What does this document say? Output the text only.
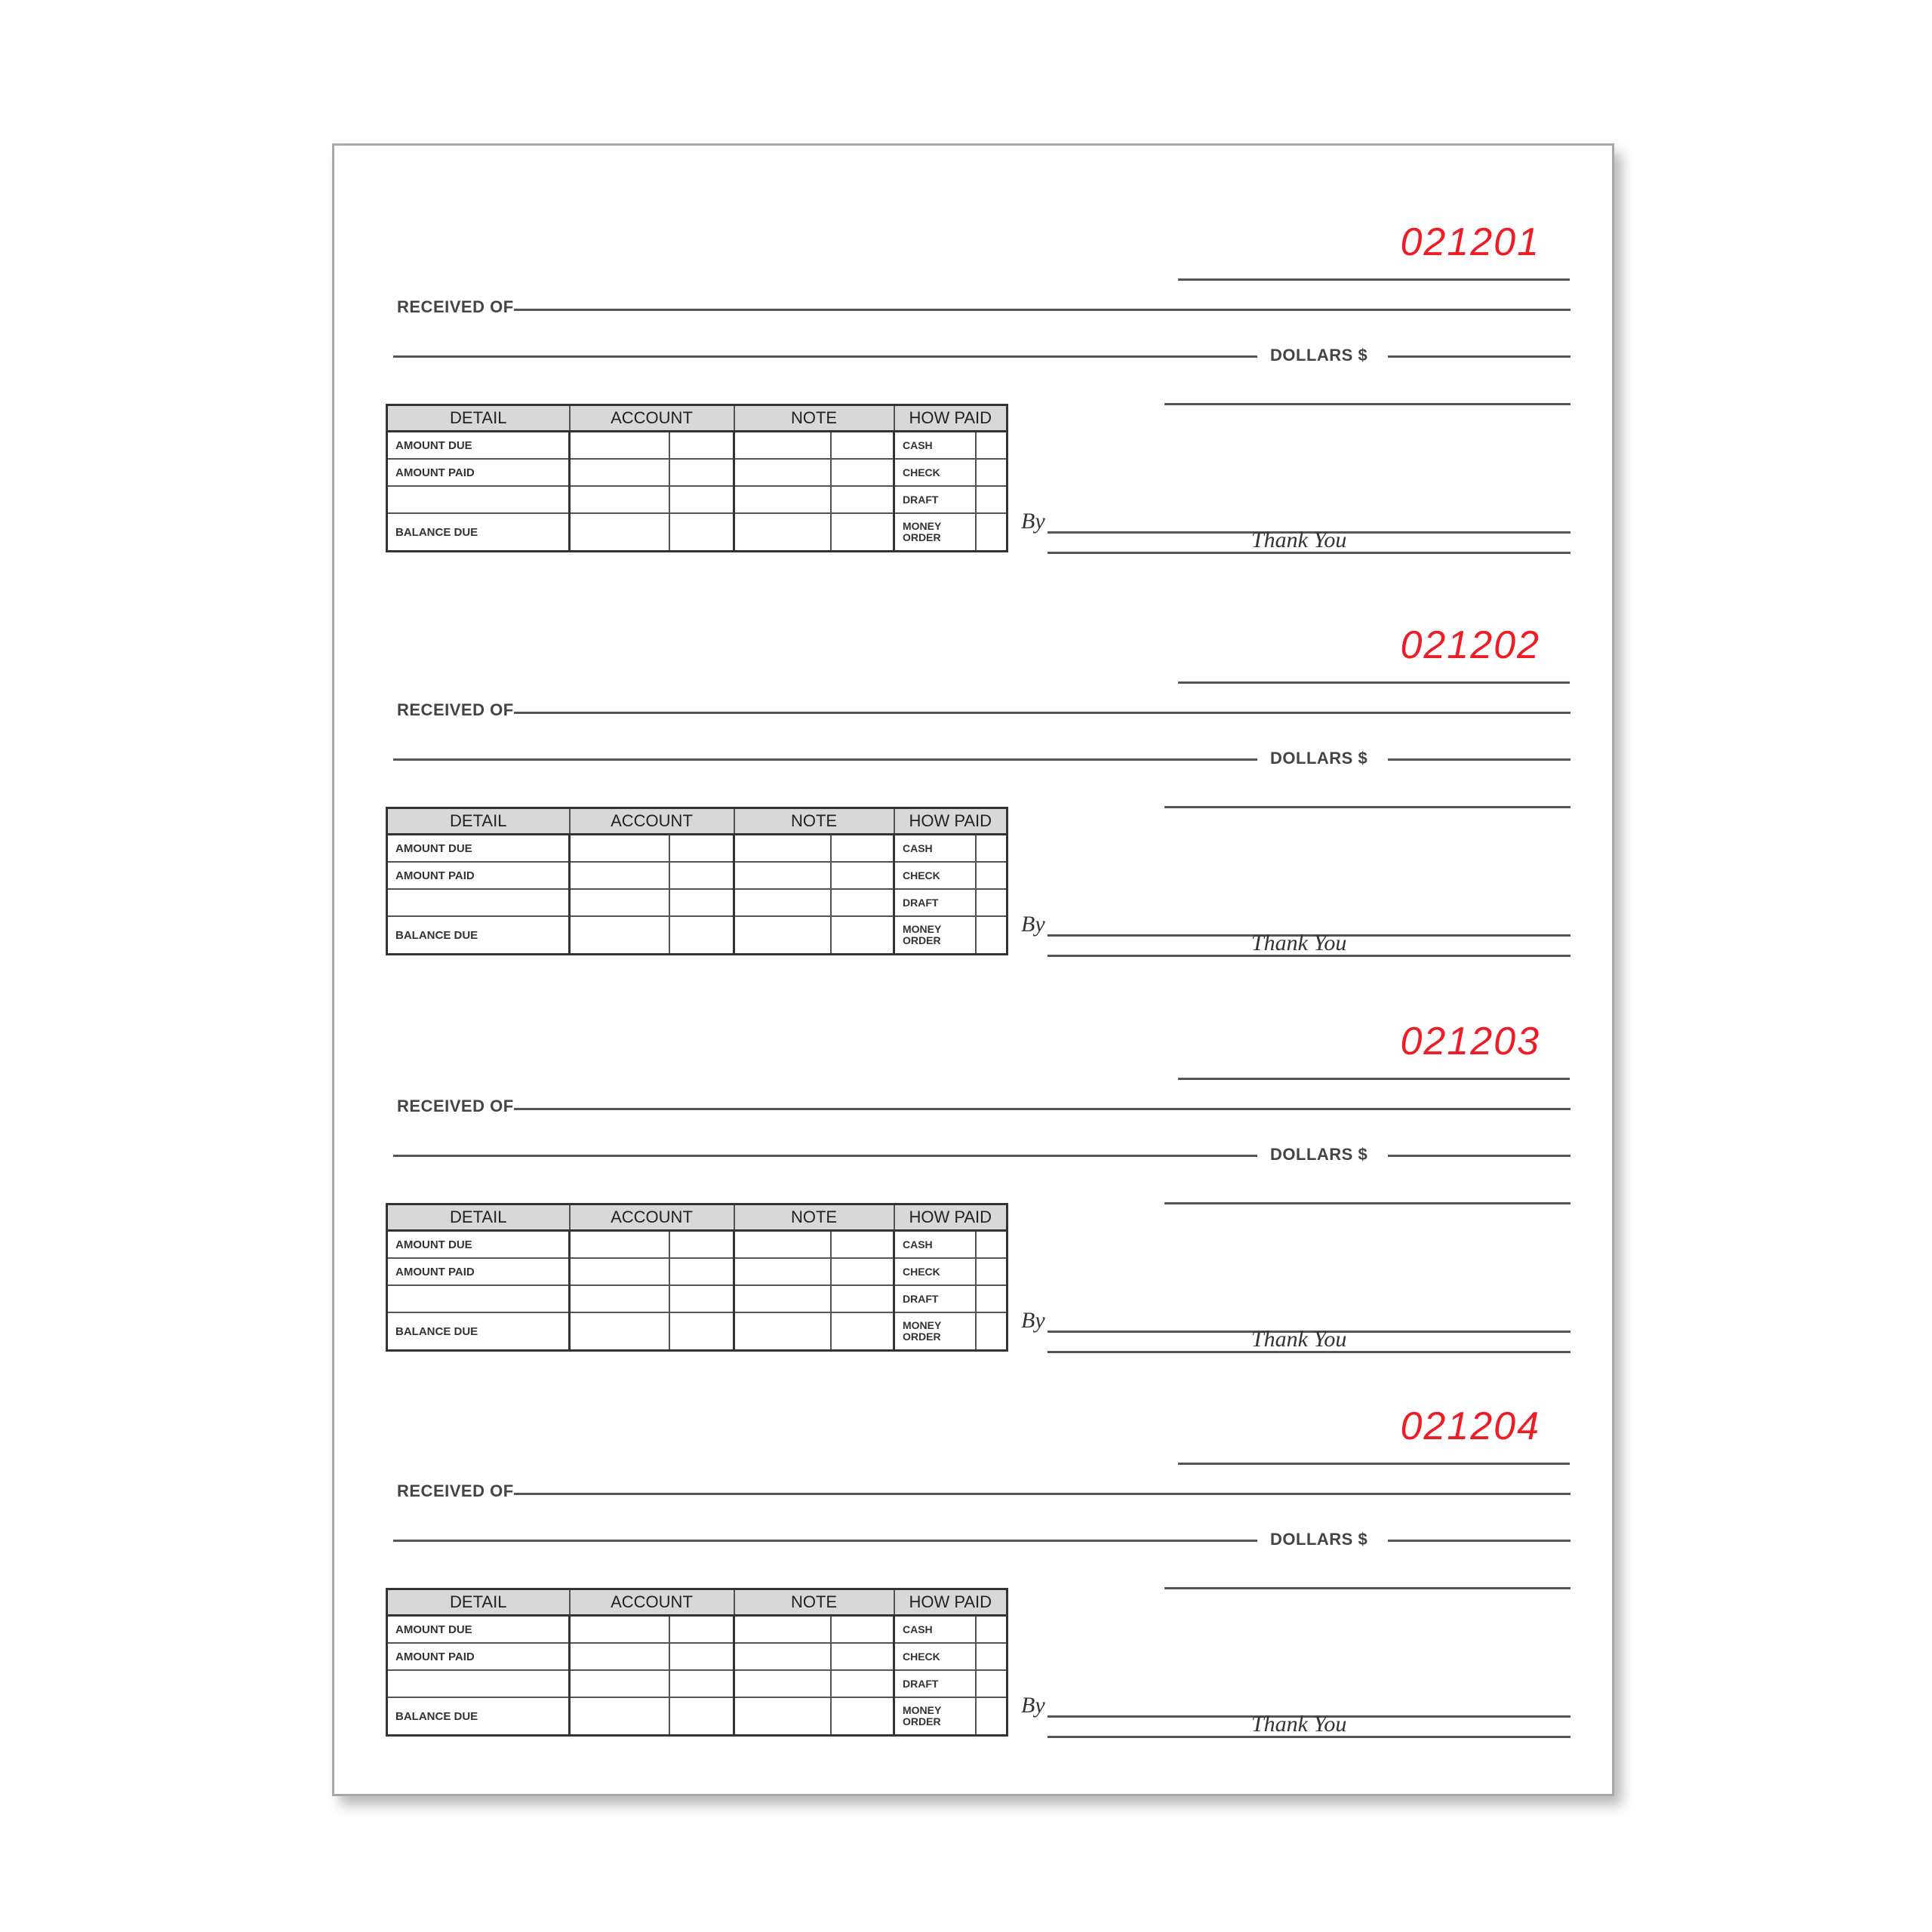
021201
RECEIVED OF
DOLLARS $
DETAIL	ACCOUNT		NOTE		HOW PAID	
AMOUNT DUE					CASH	
AMOUNT PAID					CHECK	
					DRAFT	
BALANCE DUE					MONEY ORDER	
By
Thank You
021202
RECEIVED OF
DOLLARS $
DETAIL	ACCOUNT		NOTE		HOW PAID	
AMOUNT DUE					CASH	
AMOUNT PAID					CHECK	
					DRAFT	
BALANCE DUE					MONEY ORDER	
By
Thank You
021203
RECEIVED OF
DOLLARS $
DETAIL	ACCOUNT		NOTE		HOW PAID	
AMOUNT DUE					CASH	
AMOUNT PAID					CHECK	
					DRAFT	
BALANCE DUE					MONEY ORDER	
By
Thank You
021204
RECEIVED OF
DOLLARS $
DETAIL	ACCOUNT		NOTE		HOW PAID	
AMOUNT DUE					CASH	
AMOUNT PAID					CHECK	
					DRAFT	
BALANCE DUE					MONEY ORDER	
By
Thank You
